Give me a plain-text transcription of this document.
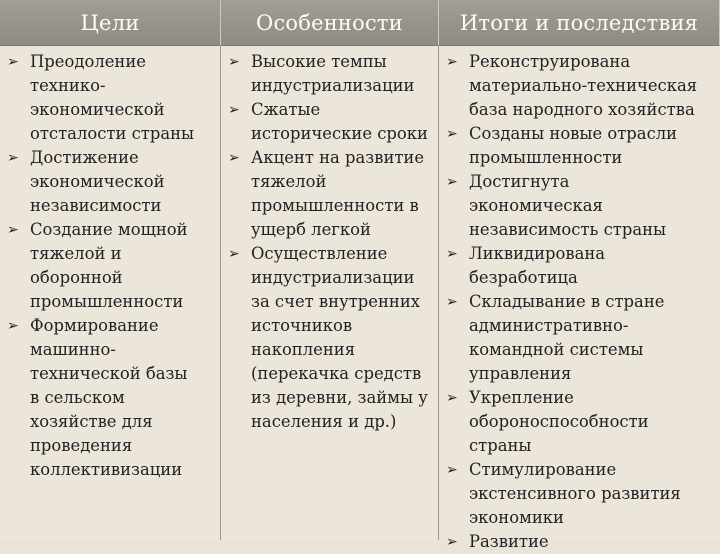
Цели	Особенности	Итоги и последствия
➢ Преодоление
технико-
экономической
отсталости страны
➢ Достижение
экономической
независимости
➢ Создание мощной
тяжелой и
оборонной
промышленности
➢ Формирование
машинно-
технической базы
в сельском
хозяйстве для
проведения
коллективизации
➢ Высокие темпы
индустриализации
➢ Сжатые
исторические сроки
➢ Акцент на развитие
тяжелой
промышленности в
ущерб легкой
➢ Осуществление
индустриализации
за счет внутренних
источников
накопления
(перекачка средств
из деревни, займы у
населения и др.)
➢ Реконструирована
материально-техническая
база народного хозяйства
➢ Созданы новые отрасли
промышленности
➢ Достигнута
экономическая
независимость страны
➢ Ликвидирована
безработица
➢ Складывание в стране
административно-
командной системы
управления
➢ Укрепление
обороноспособности
страны
➢ Стимулирование
экстенсивного развития
экономики
➢ Развитие
